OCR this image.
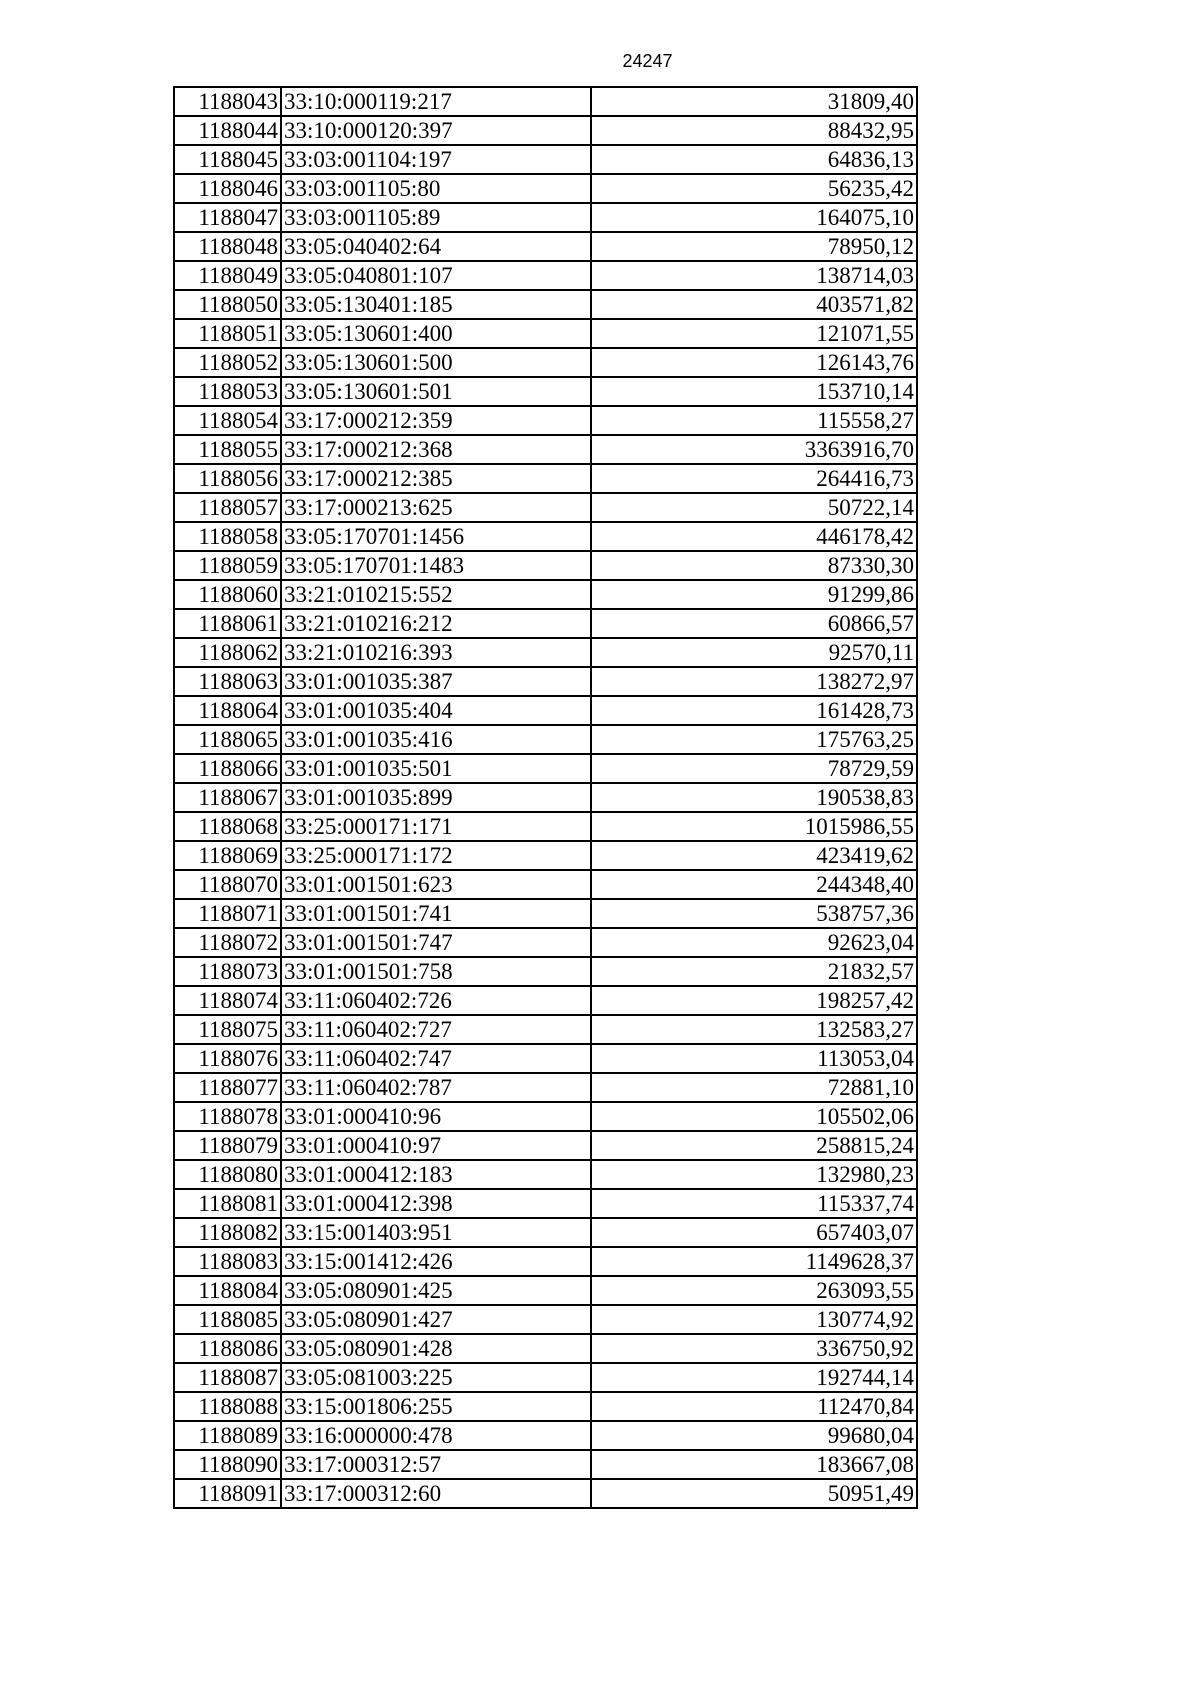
24247
1188043	33:10:000119:217	31809,40
1188044	33:10:000120:397	88432,95
1188045	33:03:001104:197	64836,13
1188046	33:03:001105:80	56235,42
1188047	33:03:001105:89	164075,10
1188048	33:05:040402:64	78950,12
1188049	33:05:040801:107	138714,03
1188050	33:05:130401:185	403571,82
1188051	33:05:130601:400	121071,55
1188052	33:05:130601:500	126143,76
1188053	33:05:130601:501	153710,14
1188054	33:17:000212:359	115558,27
1188055	33:17:000212:368	3363916,70
1188056	33:17:000212:385	264416,73
1188057	33:17:000213:625	50722,14
1188058	33:05:170701:1456	446178,42
1188059	33:05:170701:1483	87330,30
1188060	33:21:010215:552	91299,86
1188061	33:21:010216:212	60866,57
1188062	33:21:010216:393	92570,11
1188063	33:01:001035:387	138272,97
1188064	33:01:001035:404	161428,73
1188065	33:01:001035:416	175763,25
1188066	33:01:001035:501	78729,59
1188067	33:01:001035:899	190538,83
1188068	33:25:000171:171	1015986,55
1188069	33:25:000171:172	423419,62
1188070	33:01:001501:623	244348,40
1188071	33:01:001501:741	538757,36
1188072	33:01:001501:747	92623,04
1188073	33:01:001501:758	21832,57
1188074	33:11:060402:726	198257,42
1188075	33:11:060402:727	132583,27
1188076	33:11:060402:747	113053,04
1188077	33:11:060402:787	72881,10
1188078	33:01:000410:96	105502,06
1188079	33:01:000410:97	258815,24
1188080	33:01:000412:183	132980,23
1188081	33:01:000412:398	115337,74
1188082	33:15:001403:951	657403,07
1188083	33:15:001412:426	1149628,37
1188084	33:05:080901:425	263093,55
1188085	33:05:080901:427	130774,92
1188086	33:05:080901:428	336750,92
1188087	33:05:081003:225	192744,14
1188088	33:15:001806:255	112470,84
1188089	33:16:000000:478	99680,04
1188090	33:17:000312:57	183667,08
1188091	33:17:000312:60	50951,49
